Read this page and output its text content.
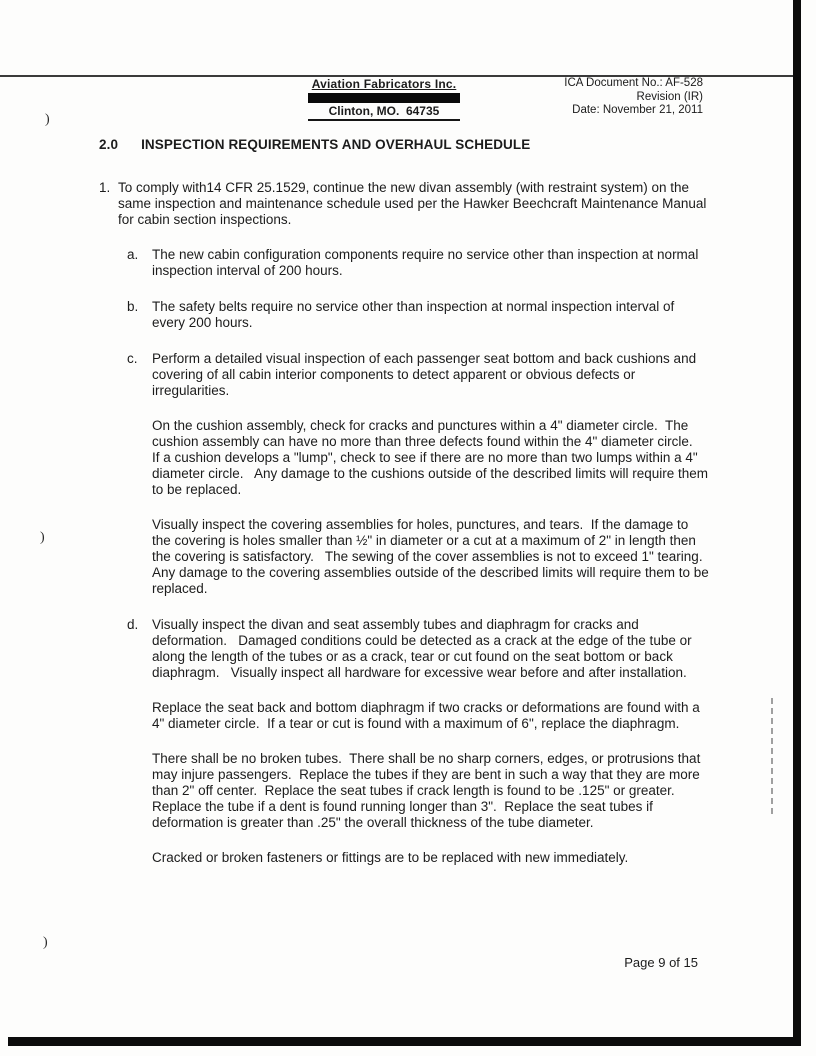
)
)
)
Aviation Fabricators Inc.
Clinton, MO.  64735
ICA Document No.: AF-528
Revision (IR)
Date: November 21, 2011
2.0 INSPECTION REQUIREMENTS AND OVERHAUL SCHEDULE
1. To comply with14 CFR 25.1529, continue the new divan assembly (with restraint system) on the same inspection and maintenance schedule used per the Hawker Beechcraft Maintenance Manual for cabin section inspections.

a.	The new cabin configuration components require no service other than inspection at normal inspection interval of 200 hours.

b.	The safety belts require no service other than inspection at normal inspection interval of every 200 hours.

c.	Perform a detailed visual inspection of each passenger seat bottom and back cushions and covering of all cabin interior components to detect apparent or obvious defects or irregularities.

On the cushion assembly, check for cracks and punctures within a 4" diameter circle.  The cushion assembly can have no more than three defects found within the 4" diameter circle.   If a cushion develops a "lump", check to see if there are no more than two lumps within a 4" diameter circle.   Any damage to the cushions outside of the described limits will require them to be replaced.

Visually inspect the covering assemblies for holes, punctures, and tears.  If the damage to the covering is holes smaller than ½" in diameter or a cut at a maximum of 2" in length then the covering is satisfactory.   The sewing of the cover assemblies is not to exceed 1" tearing.  Any damage to the covering assemblies outside of the described limits will require them to be replaced.

d.	Visually inspect the divan and seat assembly tubes and diaphragm for cracks and deformation.   Damaged conditions could be detected as a crack at the edge of the tube or along the length of the tubes or as a crack, tear or cut found on the seat bottom or back diaphragm.   Visually inspect all hardware for excessive wear before and after installation.

Replace the seat back and bottom diaphragm if two cracks or deformations are found with a 4" diameter circle.  If a tear or cut is found with a maximum of 6", replace the diaphragm.

There shall be no broken tubes.  There shall be no sharp corners, edges, or protrusions that may injure passengers.  Replace the tubes if they are bent in such a way that they are more than 2" off center.  Replace the seat tubes if crack length is found to be .125" or greater.  Replace the tube if a dent is found running longer than 3".  Replace the seat tubes if deformation is greater than .25" the overall thickness of the tube diameter.

Cracked or broken fasteners or fittings are to be replaced with new immediately.

Page 9 of 15
